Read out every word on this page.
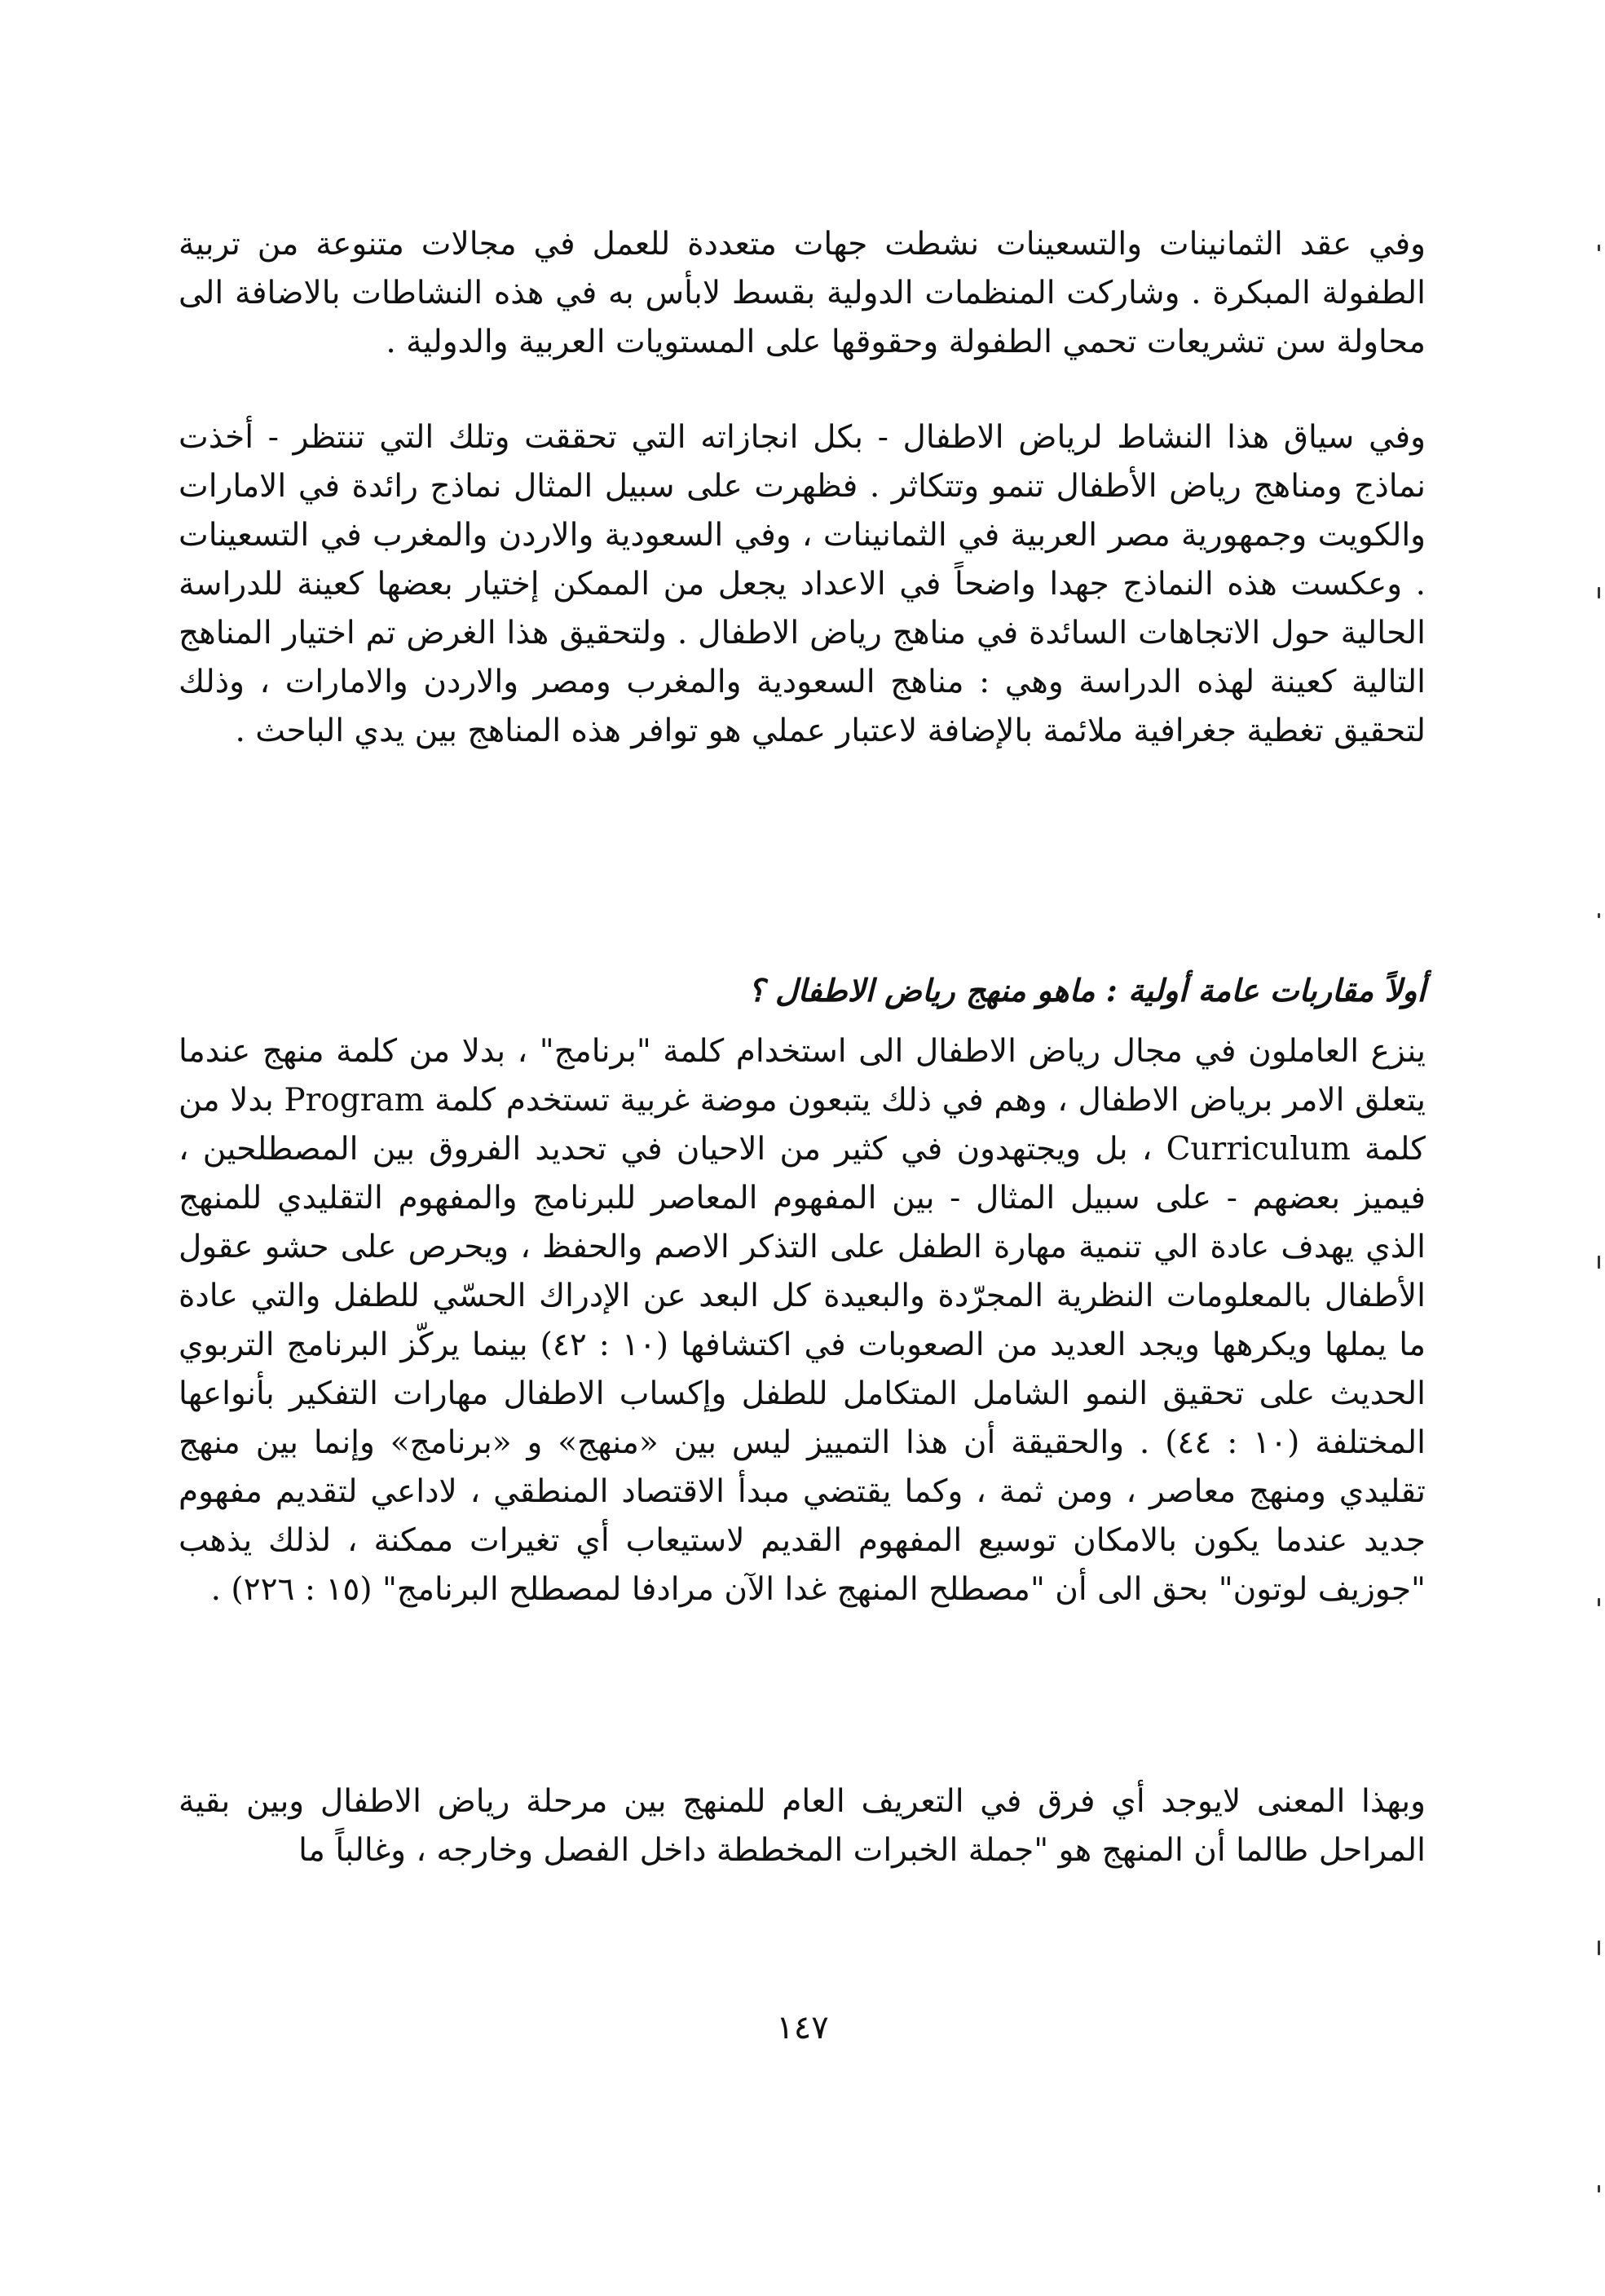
وفي عقد الثمانينات والتسعينات نشطت جهات متعددة للعمل في مجالات متنوعة من تربية الطفولة المبكرة . وشاركت المنظمات الدولية بقسط لابأس به في هذه النشاطات بالاضافة الى محاولة سن تشريعات تحمي الطفولة وحقوقها على المستويات العربية والدولية .

وفي سياق هذا النشاط لرياض الاطفال - بكل انجازاته التي تحققت وتلك التي تنتظر - أخذت نماذج ومناهج رياض الأطفال تنمو وتتكاثر . فظهرت على سبيل المثال نماذج رائدة في الامارات والكويت وجمهورية مصر العربية في الثمانينات ، وفي السعودية والاردن والمغرب في التسعينات . وعكست هذه النماذج جهدا واضحاً في الاعداد يجعل من الممكن إختيار بعضها كعينة للدراسة الحالية حول الاتجاهات السائدة في مناهج رياض الاطفال . ولتحقيق هذا الغرض تم اختيار المناهج التالية كعينة لهذه الدراسة وهي : مناهج السعودية والمغرب ومصر والاردن والامارات ، وذلك لتحقيق تغطية جغرافية ملائمة بالإضافة لاعتبار عملي هو توافر هذه المناهج بين يدي الباحث .

أولاً مقاربات عامة أولية : ماهو منهج رياض الاطفال ؟

ينزع العاملون في مجال رياض الاطفال الى استخدام كلمة "برنامج" ، بدلا من كلمة منهج عندما يتعلق الامر برياض الاطفال ، وهم في ذلك يتبعون موضة غربية تستخدم كلمة Program بدلا من كلمة Curriculum ، بل ويجتهدون في كثير من الاحيان في تحديد الفروق بين المصطلحين ، فيميز بعضهم - على سبيل المثال - بين المفهوم المعاصر للبرنامج والمفهوم التقليدي للمنهج الذي يهدف عادة الي تنمية مهارة الطفل على التذكر الاصم والحفظ ، ويحرص على حشو عقول الأطفال بالمعلومات النظرية المجرّدة والبعيدة كل البعد عن الإدراك الحسّي للطفل والتي عادة ما يملها ويكرهها ويجد العديد من الصعوبات في اكتشافها (١٠ : ٤٢) بينما يركّز البرنامج التربوي الحديث على تحقيق النمو الشامل المتكامل للطفل وإكساب الاطفال مهارات التفكير بأنواعها المختلفة (١٠ : ٤٤) . والحقيقة أن هذا التمييز ليس بين «منهج» و «برنامج» وإنما بين منهج تقليدي ومنهج معاصر ، ومن ثمة ، وكما يقتضي مبدأ الاقتصاد المنطقي ، لاداعي لتقديم مفهوم جديد عندما يكون بالامكان توسيع المفهوم القديم لاستيعاب أي تغيرات ممكنة ، لذلك يذهب "جوزيف لوتون" بحق الى أن "مصطلح المنهج غدا الآن مرادفا لمصطلح البرنامج" (١٥ : ٢٢٦) .

وبهذا المعنى لايوجد أي فرق في التعريف العام للمنهج بين مرحلة رياض الاطفال وبين بقية المراحل طالما أن المنهج هو "جملة الخبرات المخططة داخل الفصل وخارجه ، وغالباً ما

١٤٧
